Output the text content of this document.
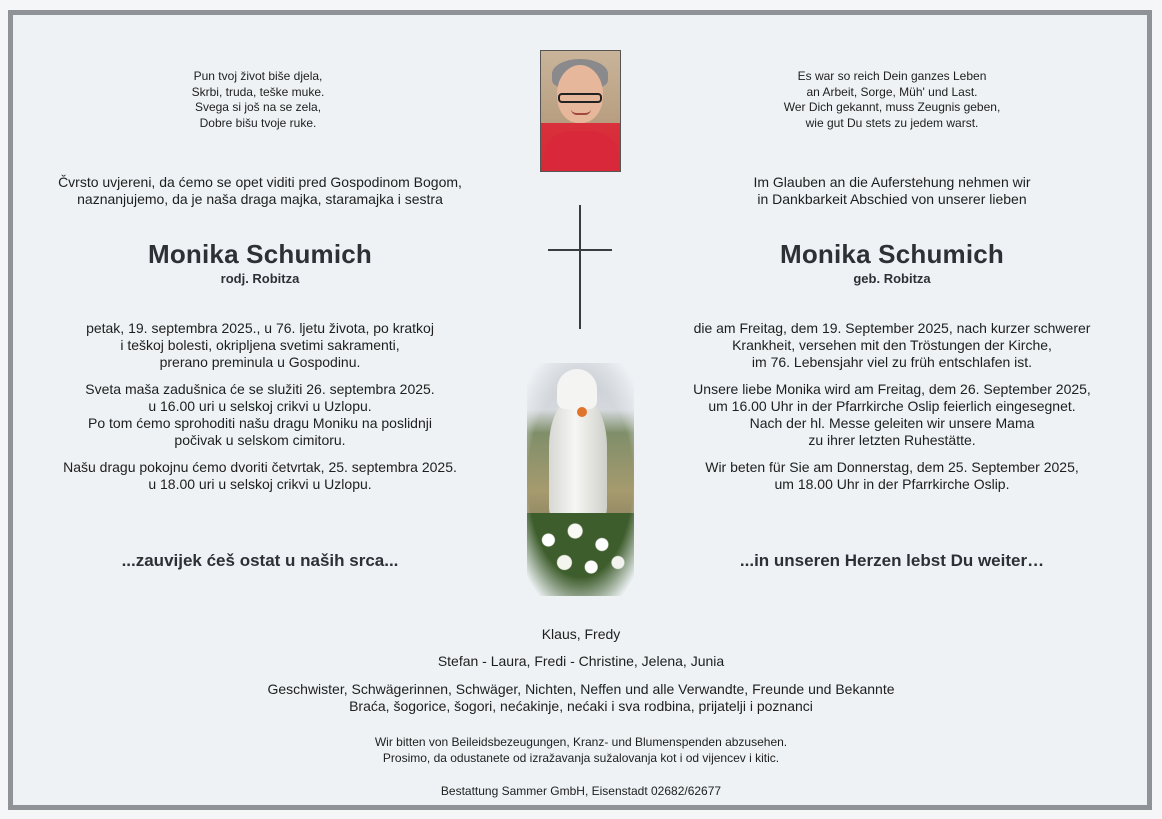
Pun tvoj život biše djela,

Skrbi, truda, teške muke.

Svega si još na se zela,

Dobre bišu tvoje ruke.

Čvrsto uvjereni, da ćemo se opet viditi pred Gospodinom Bogom,

naznanjujemo, da je naša draga majka, staramajka i sestra

Monika Schumich
rodj. Robitza

petak, 19. septembra 2025., u 76. ljetu života, po kratkoj

i teškoj bolesti, okripljena svetimi sakramenti,

prerano preminula u Gospodinu.

Sveta maša zadušnica će se služiti 26. septembra 2025.

u 16.00 uri u selskoj crikvi u Uzlopu.

Po tom ćemo sprohoditi našu dragu Moniku na poslidnji

počivak u selskom cimitoru.

Našu dragu pokojnu ćemo dvoriti četvrtak, 25. septembra 2025.

u 18.00 uri u selskoj crikvi u Uzlopu.

...zauvijek ćeš ostat u naših srca...

Es war so reich Dein ganzes Leben

an Arbeit, Sorge, Müh' und Last.

Wer Dich gekannt, muss Zeugnis geben,

wie gut Du stets zu jedem warst.

Im Glauben an die Auferstehung nehmen wir

in Dankbarkeit Abschied von unserer lieben

Monika Schumich
geb. Robitza

die am Freitag, dem 19. September 2025, nach kurzer schwerer

Krankheit, versehen mit den Tröstungen der Kirche,

im 76. Lebensjahr viel zu früh entschlafen ist.

Unsere liebe Monika wird am Freitag, dem 26. September 2025,

um 16.00 Uhr in der Pfarrkirche Oslip feierlich eingesegnet.

Nach der hl. Messe geleiten wir unsere Mama

zu ihrer letzten Ruhestätte.

Wir beten für Sie am Donnerstag, dem 25. September 2025,

um 18.00 Uhr in der Pfarrkirche Oslip.

...in unseren Herzen lebst Du weiter…
Klaus, Fredy
Stefan - Laura, Fredi - Christine, Jelena, Junia

Geschwister, Schwägerinnen, Schwäger, Nichten, Neffen und alle Verwandte, Freunde und Bekannte

Braća, šogorice, šogori, nećakinje, nećaki i sva rodbina, prijatelji i poznanci

Wir bitten von Beileidsbezeugungen, Kranz- und Blumenspenden abzusehen.

Prosimo, da odustanete od izražavanja sužalovanja kot i od vijencev i kitic.

Bestattung Sammer GmbH, Eisenstadt 02682/62677
